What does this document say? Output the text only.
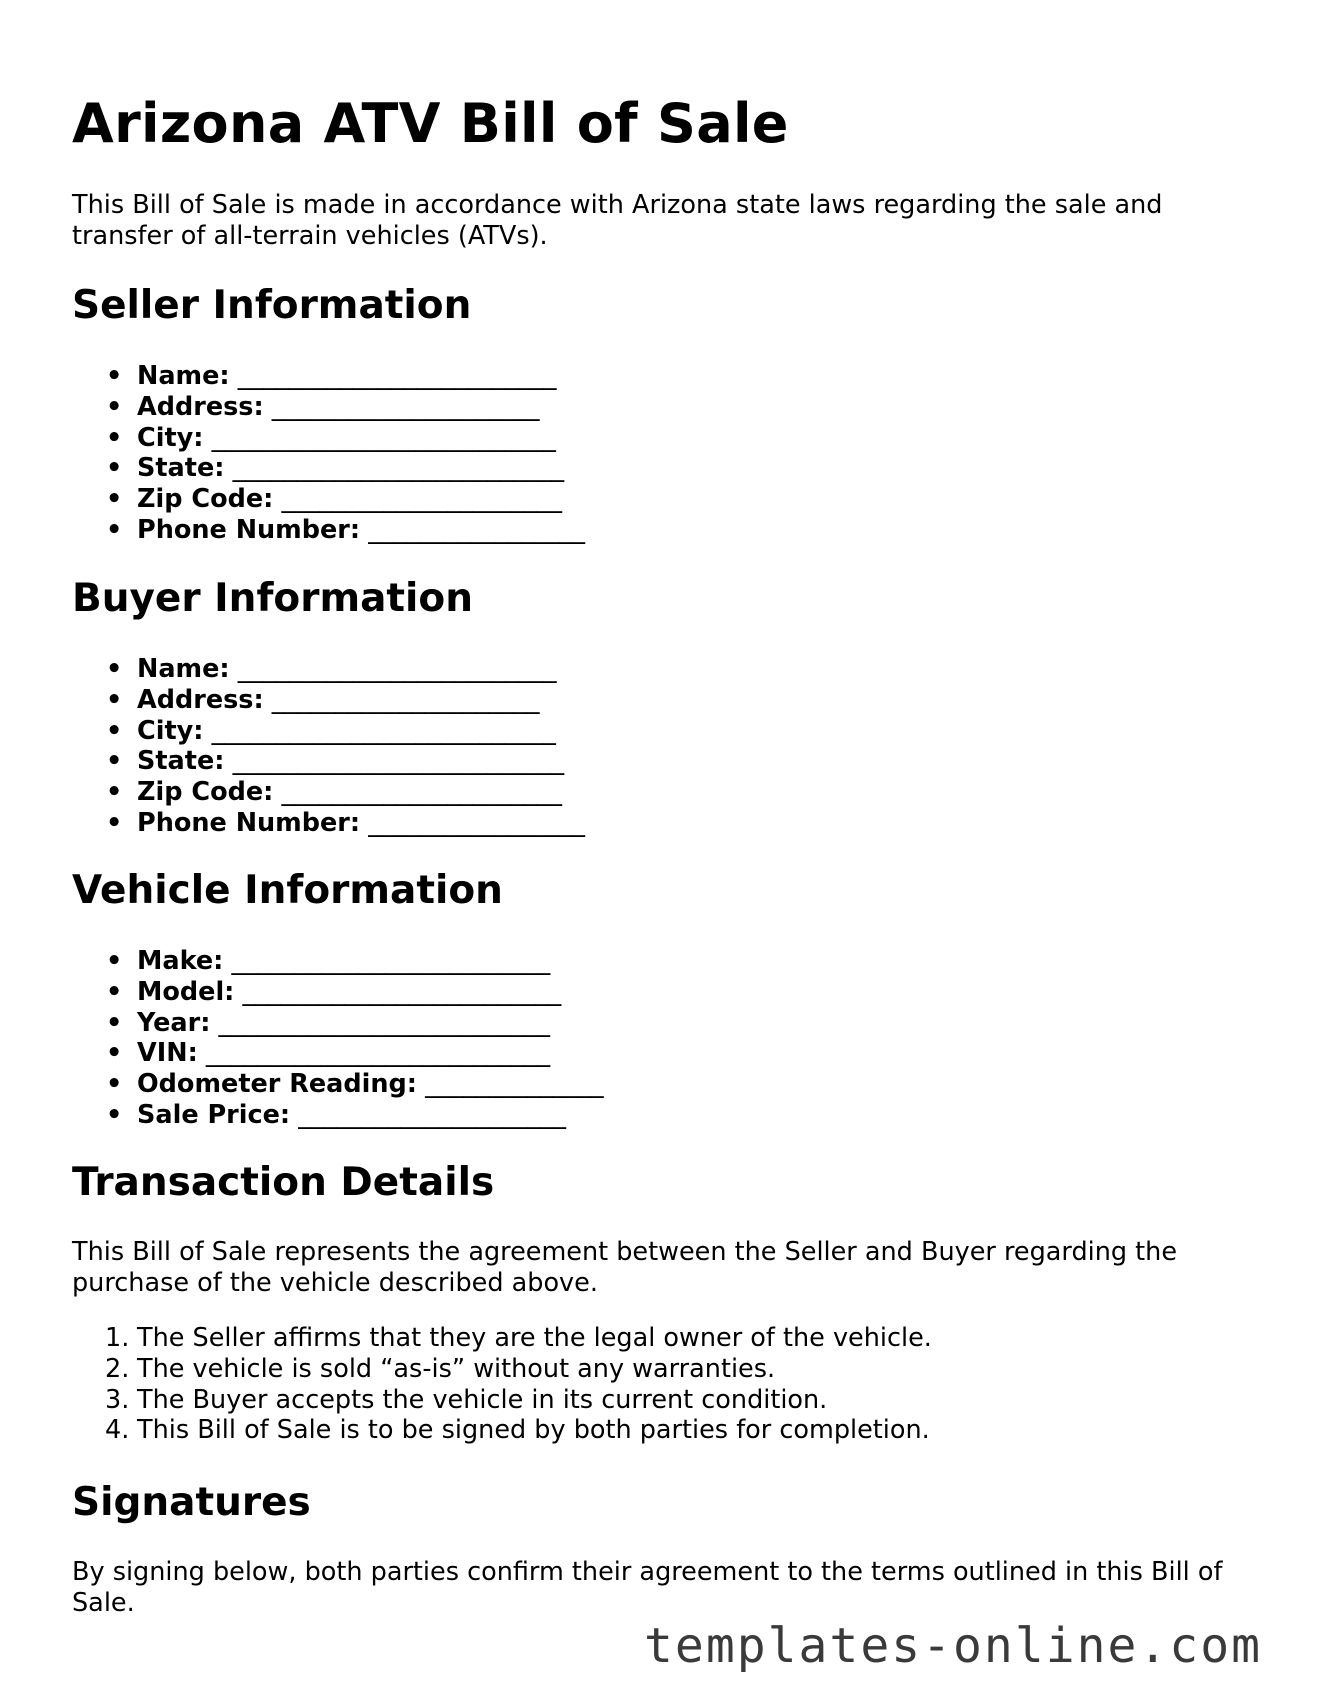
Arizona ATV Bill of Sale

This Bill of Sale is made in accordance with Arizona state laws regarding the sale and transfer of all-terrain vehicles (ATVs).

Seller Information
• Name: _________________________
• Address: _____________________
• City: ___________________________
• State: __________________________
• Zip Code: ______________________
• Phone Number: _________________
Buyer Information
• Name: _________________________
• Address: _____________________
• City: ___________________________
• State: __________________________
• Zip Code: ______________________
• Phone Number: _________________
Vehicle Information
• Make: _________________________
• Model: _________________________
• Year: __________________________
• VIN: ___________________________
• Odometer Reading: ______________
• Sale Price: _____________________
Transaction Details

This Bill of Sale represents the agreement between the Seller and Buyer regarding the purchase of the vehicle described above.

1. The Seller affirms that they are the legal owner of the vehicle.
2. The vehicle is sold “as-is” without any warranties.
3. The Buyer accepts the vehicle in its current condition.
4. This Bill of Sale is to be signed by both parties for completion.
Signatures

By signing below, both parties confirm their agreement to the terms outlined in this Bill of Sale.

templates-online.com
